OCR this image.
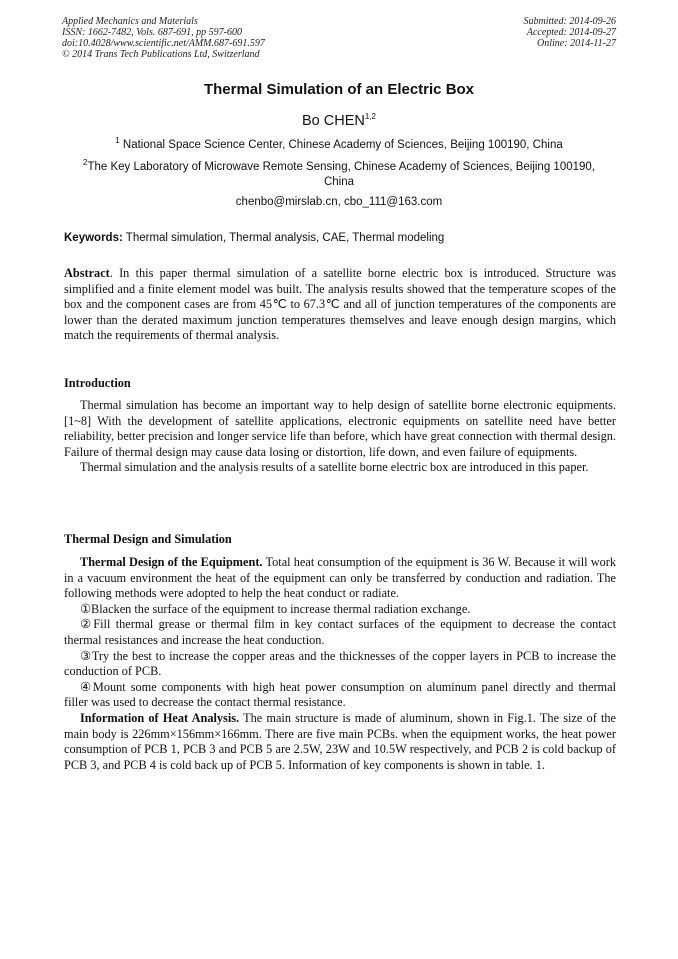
Applied Mechanics and Materials
ISSN: 1662-7482, Vols. 687-691, pp 597-600
doi:10.4028/www.scientific.net/AMM.687-691.597
© 2014 Trans Tech Publications Ltd, Switzerland
Submitted: 2014-09-26
Accepted: 2014-09-27
Online: 2014-11-27
Thermal Simulation of an Electric Box
Bo CHEN$^{1,2}$
$^1$ National Space Science Center, Chinese Academy of Sciences, Beijing 100190, China
$^2$The Key Laboratory of Microwave Remote Sensing, Chinese Academy of Sciences, Beijing 100190, China
chenbo@mirslab.cn, cbo_111@163.com
Keywords: Thermal simulation, Thermal analysis, CAE, Thermal modeling

Abstract. In this paper thermal simulation of a satellite borne electric box is introduced. Structure was simplified and a finite element model was built. The analysis results showed that the temperature scopes of the box and the component cases are from 45℃ to 67.3℃ and all of junction temperatures of the components are lower than the derated maximum junction temperatures themselves and leave enough design margins, which match the requirements of thermal analysis.

Introduction

Thermal simulation has become an important way to help design of satellite borne electronic equipments.[1~8] With the development of satellite applications, electronic equipments on satellite need have better reliability, better precision and longer service life than before, which have great connection with thermal design. Failure of thermal design may cause data losing or distortion, life down, and even failure of equipments.

Thermal simulation and the analysis results of a satellite borne electric box are introduced in this paper.

Thermal Design and Simulation

Thermal Design of the Equipment. Total heat consumption of the equipment is 36 W. Because it will work in a vacuum environment the heat of the equipment can only be transferred by conduction and radiation. The following methods were adopted to help the heat conduct or radiate.

①Blacken the surface of the equipment to increase thermal radiation exchange.

②Fill thermal grease or thermal film in key contact surfaces of the equipment to decrease the contact thermal resistances and increase the heat conduction.

③Try the best to increase the copper areas and the thicknesses of the copper layers in PCB to increase the conduction of PCB.

④Mount some components with high heat power consumption on aluminum panel directly and thermal filler was used to decrease the contact thermal resistance.

Information of Heat Analysis. The main structure is made of aluminum, shown in Fig.1. The size of the main body is 226mm×156mm×166mm. There are five main PCBs. when the equipment works, the heat power consumption of PCB 1, PCB 3 and PCB 5 are 2.5W, 23W and 10.5W respectively, and PCB 2 is cold backup of PCB 3, and PCB 4 is cold back up of PCB 5. Information of key components is shown in table. 1.
